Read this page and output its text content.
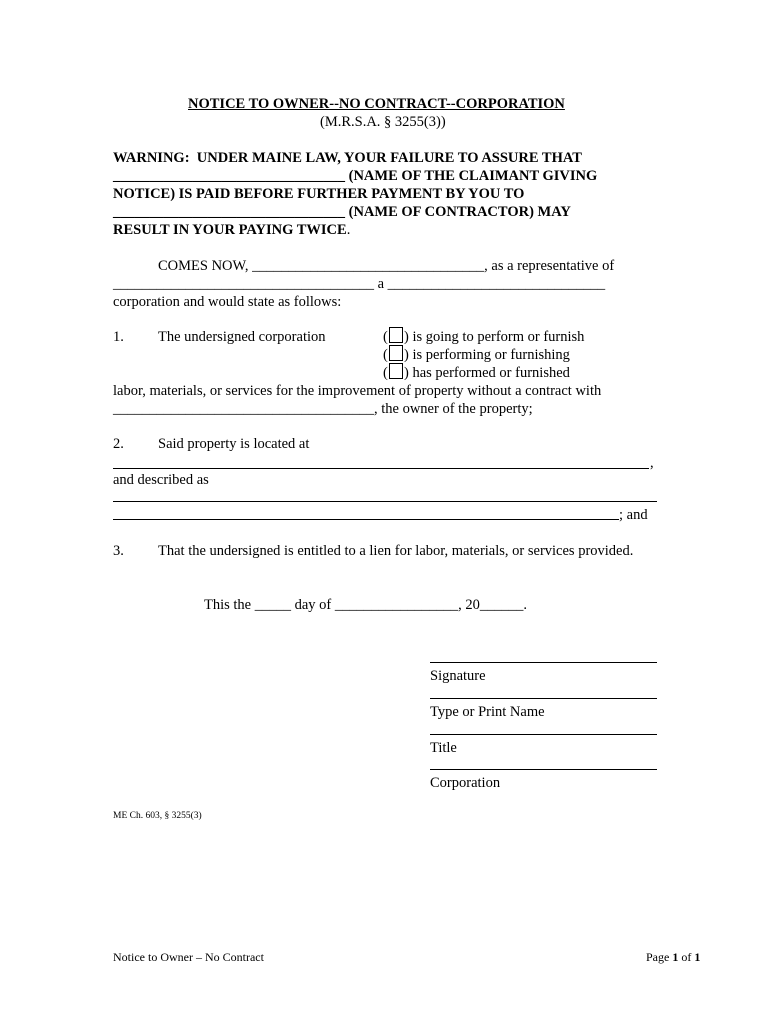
NOTICE TO OWNER--NO CONTRACT--CORPORATION
(M.R.S.A. § 3255(3))
WARNING:  UNDER MAINE LAW, YOUR FAILURE TO ASSURE THAT
________________________________ (NAME OF THE CLAIMANT GIVING
NOTICE) IS PAID BEFORE FURTHER PAYMENT BY YOU TO
________________________________ (NAME OF CONTRACTOR) MAY
RESULT IN YOUR PAYING TWICE.
COMES NOW, ________________________________, as a representative of
____________________________________ a ______________________________
corporation and would state as follows:
1. The undersigned corporation	( ) is going to perform or furnish
( ) is performing or furnishing
( ) has performed or furnished
labor, materials, or services for the improvement of property without a contract with
____________________________________, the owner of the property;
2. Said property is located at
,
and described as
; and
3. That the undersigned is entitled to a lien for labor, materials, or services provided.
This the _____ day of _________________, 20______.
Signature
Type or Print Name
Title
Corporation
ME Ch. 603, § 3255(3)
Notice to Owner – No Contract	Page 1 of 1
